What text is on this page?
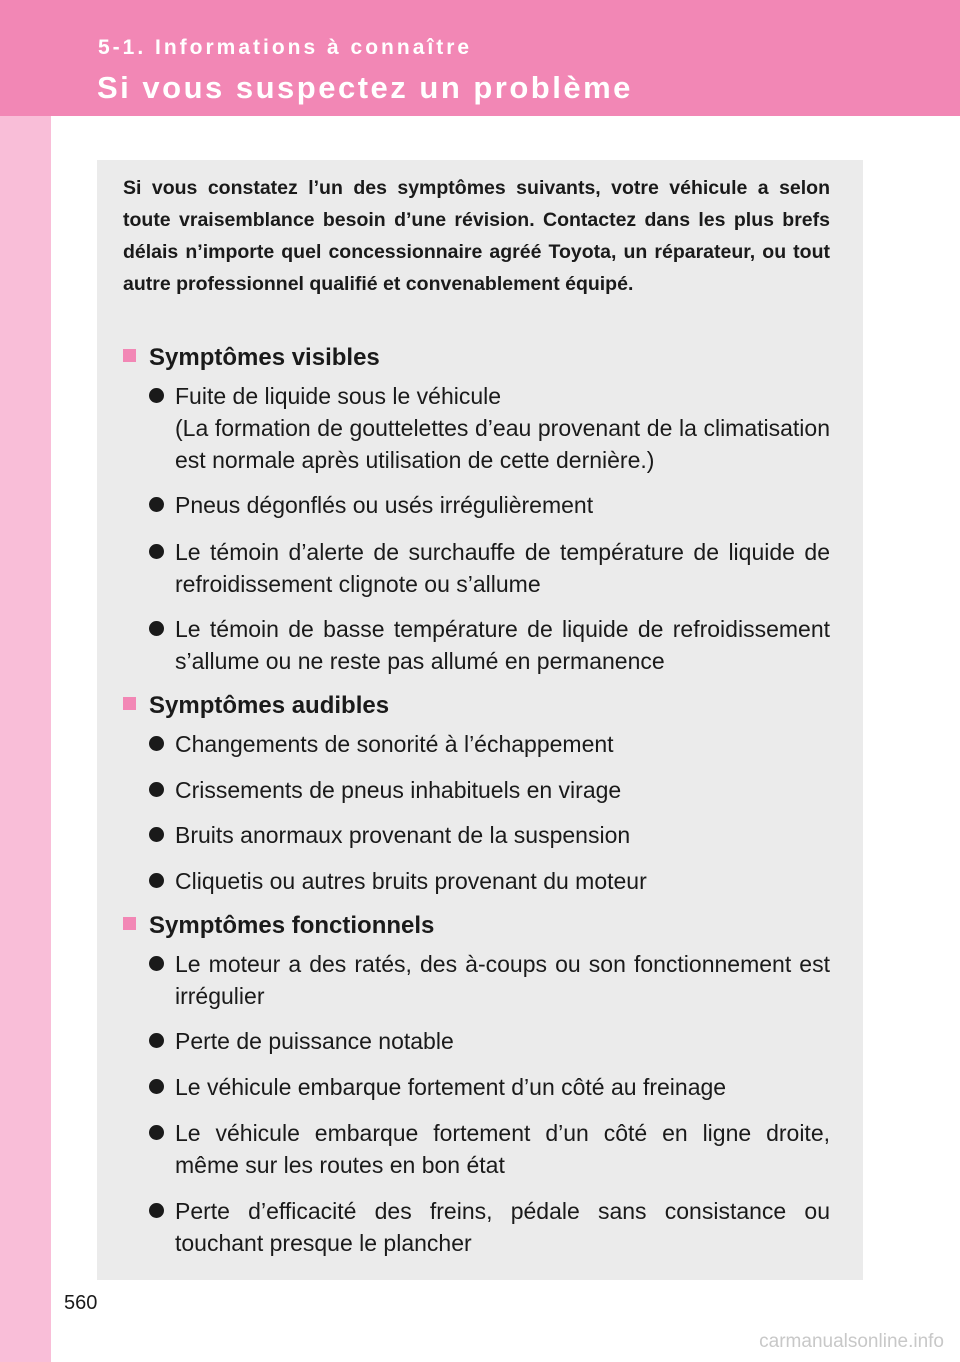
5-1. Informations à connaître
Si vous suspectez un problème
Si vous constatez l’un des symptômes suivants, votre véhicule a selon toute vraisemblance besoin d’une révision. Contactez dans les plus brefs délais n’importe quel concessionnaire agréé Toyota, un réparateur, ou tout autre professionnel qualifié et convenablement équipé.
Symptômes visibles
Fuite de liquide sous le véhicule
(La formation de gouttelettes d’eau provenant de la climatisation est normale après utilisation de cette dernière.)
Pneus dégonflés ou usés irrégulièrement
Le témoin d’alerte de surchauffe de température de liquide de refroidissement clignote ou s’allume
Le témoin de basse température de liquide de refroidissement s’allume ou ne reste pas allumé en permanence
Symptômes audibles
Changements de sonorité à l’échappement
Crissements de pneus inhabituels en virage
Bruits anormaux provenant de la suspension
Cliquetis ou autres bruits provenant du moteur
Symptômes fonctionnels
Le moteur a des ratés, des à-coups ou son fonctionnement est irrégulier
Perte de puissance notable
Le véhicule embarque fortement d’un côté au freinage
Le véhicule embarque fortement d’un côté en ligne droite, même sur les routes en bon état
Perte d’efficacité des freins, pédale sans consistance ou touchant presque le plancher
560
carmanualsonline.info
